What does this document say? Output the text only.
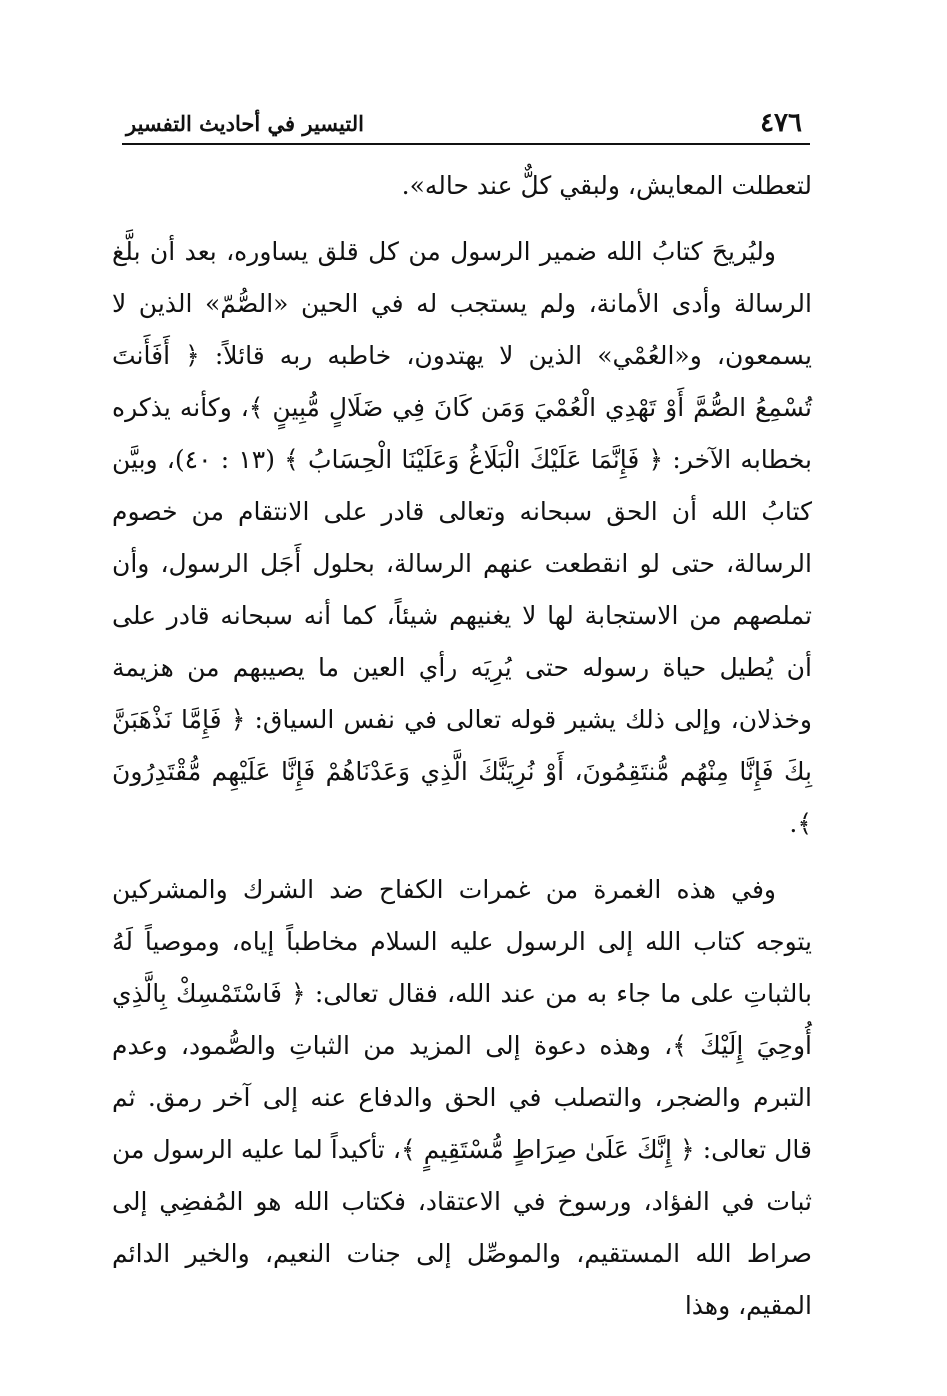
٤٧٦
التيسير في أحاديث التفسير

لتعطلت المعايش، ولبقي كلٌّ عند حاله».

وليُريحَ كتابُ الله ضمير الرسول من كل قلق يساوره، بعد أن بلَّغ الرسالة وأدى الأمانة، ولم يستجب له في الحين «الصُّمّ» الذين لا يسمعون، و«العُمْي» الذين لا يهتدون، خاطبه ربه قائلاً: ﴿ أَفَأَنتَ تُسْمِعُ الصُّمَّ أَوْ تَهْدِي الْعُمْيَ وَمَن كَانَ فِي ضَلَالٍ مُّبِينٍ ﴾، وكأنه يذكره بخطابه الآخر: ﴿ فَإِنَّمَا عَلَيْكَ الْبَلَاغُ وَعَلَيْنَا الْحِسَابُ ﴾ (١٣ : ٤٠)، وبيَّن كتابُ الله أن الحق سبحانه وتعالى قادر على الانتقام من خصوم الرسالة، حتى لو انقطعت عنهم الرسالة، بحلول أَجَل الرسول، وأن تملصهم من الاستجابة لها لا يغنيهم شيئاً، كما أنه سبحانه قادر على أن يُطيل حياة رسوله حتى يُرِيَه رأي العين ما يصيبهم من هزيمة وخذلان، وإلى ذلك يشير قوله تعالى في نفس السياق: ﴿ فَإِمَّا نَذْهَبَنَّ بِكَ فَإِنَّا مِنْهُم مُّنتَقِمُونَ، أَوْ نُرِيَنَّكَ الَّذِي وَعَدْنَاهُمْ فَإِنَّا عَلَيْهِم مُّقْتَدِرُونَ ﴾.

وفي هذه الغمرة من غمرات الكفاح ضد الشرك والمشركين يتوجه كتاب الله إلى الرسول عليه السلام مخاطباً إياه، وموصياً لَهُ بالثباتِ على ما جاء به من عند الله، فقال تعالى: ﴿ فَاسْتَمْسِكْ بِالَّذِي أُوحِيَ إِلَيْكَ ﴾، وهذه دعوة إلى المزيد من الثباتِ والصُّمود، وعدم التبرم والضجر، والتصلب في الحق والدفاع عنه إلى آخر رمق. ثم قال تعالى: ﴿ إِنَّكَ عَلَىٰ صِرَاطٍ مُّسْتَقِيمٍ ﴾، تأكيداً لما عليه الرسول من ثبات في الفؤاد، ورسوخ في الاعتقاد، فكتاب الله هو المُفضِي إلى صراط الله المستقيم، والموصِّل إلى جنات النعيم، والخير الدائم المقيم، وهذا
